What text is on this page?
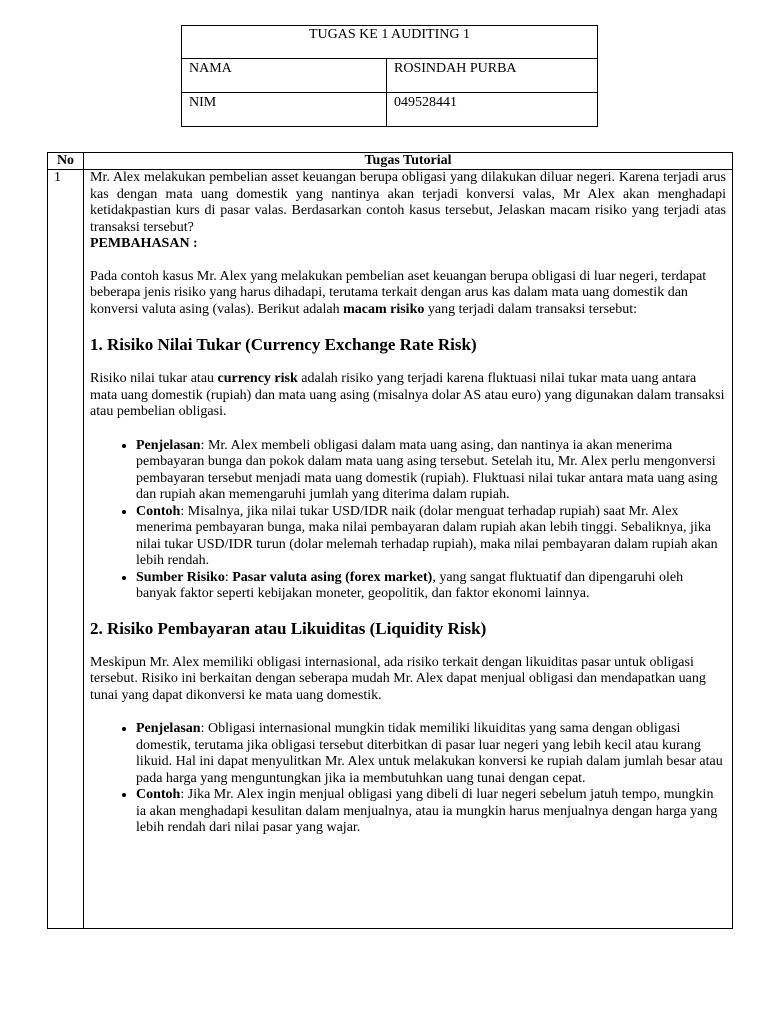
TUGAS KE 1 AUDITING 1	
NAMA	ROSINDAH PURBA
NIM	049528441
No	Tugas Tutorial
1 Mr. Alex melakukan pembelian asset keuangan berupa obligasi yang dilakukan diluar negeri. Karena terjadi arus kas dengan mata uang domestik yang nantinya akan terjadi konversi valas, Mr Alex akan menghadapi ketidakpastian kurs di pasar valas. Berdasarkan contoh kasus tersebut, Jelaskan macam risiko yang terjadi atas transaksi tersebut?

PEMBAHASAN :

Pada contoh kasus Mr. Alex yang melakukan pembelian aset keuangan berupa obligasi di luar negeri, terdapat beberapa jenis risiko yang harus dihadapi, terutama terkait dengan arus kas dalam mata uang domestik dan konversi valuta asing (valas). Berikut adalah macam risiko yang terjadi dalam transaksi tersebut:

1. Risiko Nilai Tukar (Currency Exchange Rate Risk)

Risiko nilai tukar atau currency risk adalah risiko yang terjadi karena fluktuasi nilai tukar mata uang antara mata uang domestik (rupiah) dan mata uang asing (misalnya dolar AS atau euro) yang digunakan dalam transaksi atau pembelian obligasi.

• Penjelasan: Mr. Alex membeli obligasi dalam mata uang asing, dan nantinya ia akan menerima pembayaran bunga dan pokok dalam mata uang asing tersebut. Setelah itu, Mr. Alex perlu mengonversi pembayaran tersebut menjadi mata uang domestik (rupiah). Fluktuasi nilai tukar antara mata uang asing dan rupiah akan memengaruhi jumlah yang diterima dalam rupiah.
• Contoh: Misalnya, jika nilai tukar USD/IDR naik (dolar menguat terhadap rupiah) saat Mr. Alex menerima pembayaran bunga, maka nilai pembayaran dalam rupiah akan lebih tinggi. Sebaliknya, jika nilai tukar USD/IDR turun (dolar melemah terhadap rupiah), maka nilai pembayaran dalam rupiah akan lebih rendah.
• Sumber Risiko: Pasar valuta asing (forex market), yang sangat fluktuatif dan dipengaruhi oleh banyak faktor seperti kebijakan moneter, geopolitik, dan faktor ekonomi lainnya.
2. Risiko Pembayaran atau Likuiditas (Liquidity Risk)

Meskipun Mr. Alex memiliki obligasi internasional, ada risiko terkait dengan likuiditas pasar untuk obligasi tersebut. Risiko ini berkaitan dengan seberapa mudah Mr. Alex dapat menjual obligasi dan mendapatkan uang tunai yang dapat dikonversi ke mata uang domestik.

• Penjelasan: Obligasi internasional mungkin tidak memiliki likuiditas yang sama dengan obligasi domestik, terutama jika obligasi tersebut diterbitkan di pasar luar negeri yang lebih kecil atau kurang likuid. Hal ini dapat menyulitkan Mr. Alex untuk melakukan konversi ke rupiah dalam jumlah besar atau pada harga yang menguntungkan jika ia membutuhkan uang tunai dengan cepat.
• Contoh: Jika Mr. Alex ingin menjual obligasi yang dibeli di luar negeri sebelum jatuh tempo, mungkin ia akan menghadapi kesulitan dalam menjualnya, atau ia mungkin harus menjualnya dengan harga yang lebih rendah dari nilai pasar yang wajar.
